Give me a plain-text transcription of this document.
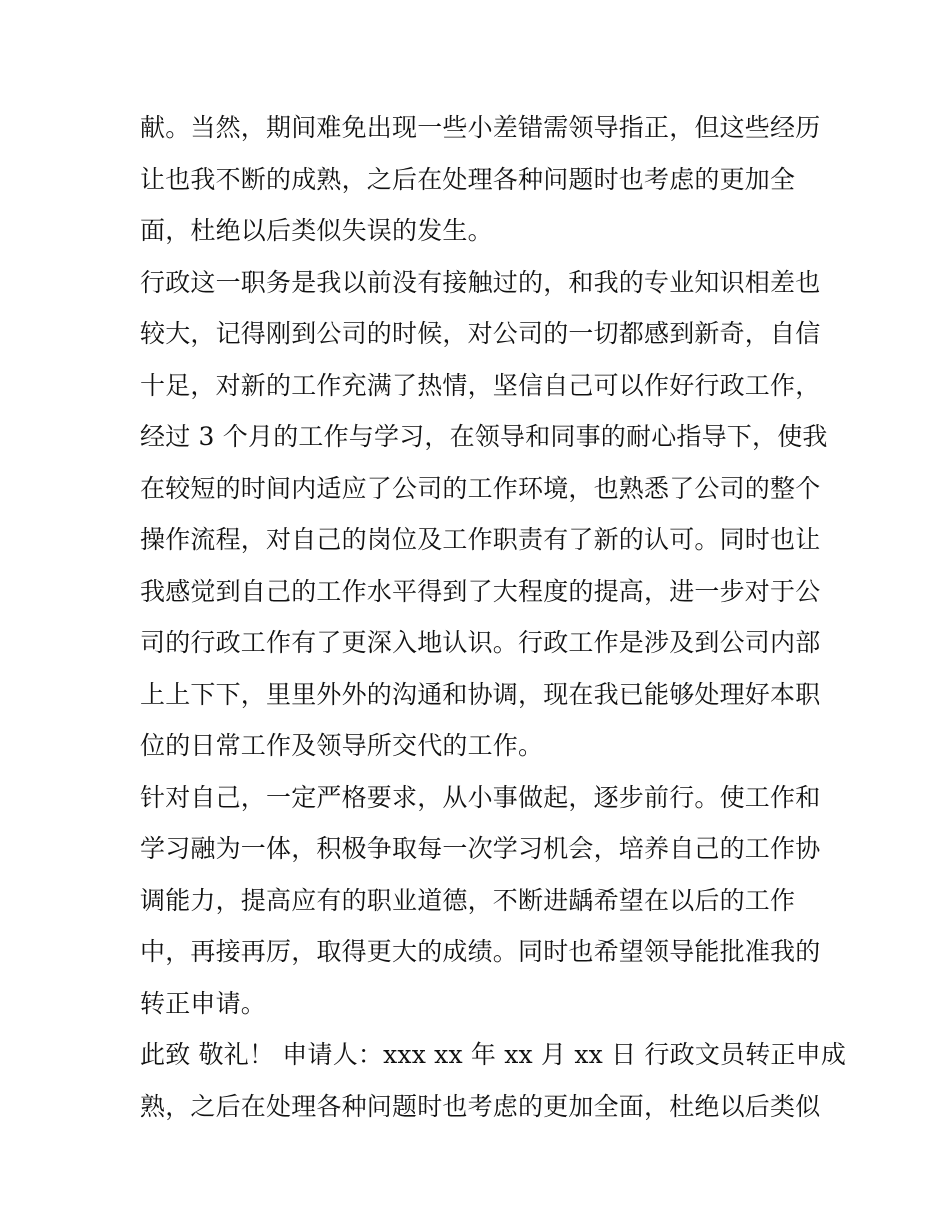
献。当然，期间难免出现一些小差错需领导指正，但这些经历
让也我不断的成熟，之后在处理各种问题时也考虑的更加全
面，杜绝以后类似失误的发生。
行政这一职务是我以前没有接触过的，和我的专业知识相差也
较大，记得刚到公司的时候，对公司的一切都感到新奇，自信
十足，对新的工作充满了热情，坚信自己可以作好行政工作，
经过 3 个月的工作与学习，在领导和同事的耐心指导下，使我
在较短的时间内适应了公司的工作环境，也熟悉了公司的整个
操作流程，对自己的岗位及工作职责有了新的认可。同时也让
我感觉到自己的工作水平得到了大程度的提高，进一步对于公
司的行政工作有了更深入地认识。行政工作是涉及到公司内部
上上下下，里里外外的沟通和协调，现在我已能够处理好本职
位的日常工作及领导所交代的工作。
针对自己，一定严格要求，从小事做起，逐步前行。使工作和
学习融为一体，积极争取每一次学习机会，培养自己的工作协
调能力，提高应有的职业道德，不断进龋希望在以后的工作
中，再接再厉，取得更大的成绩。同时也希望领导能批准我的
转正申请。
此致 敬礼！ 申请人：xxx xx 年 xx 月 xx 日 行政文员转正申成
熟，之后在处理各种问题时也考虑的更加全面，杜绝以后类似
